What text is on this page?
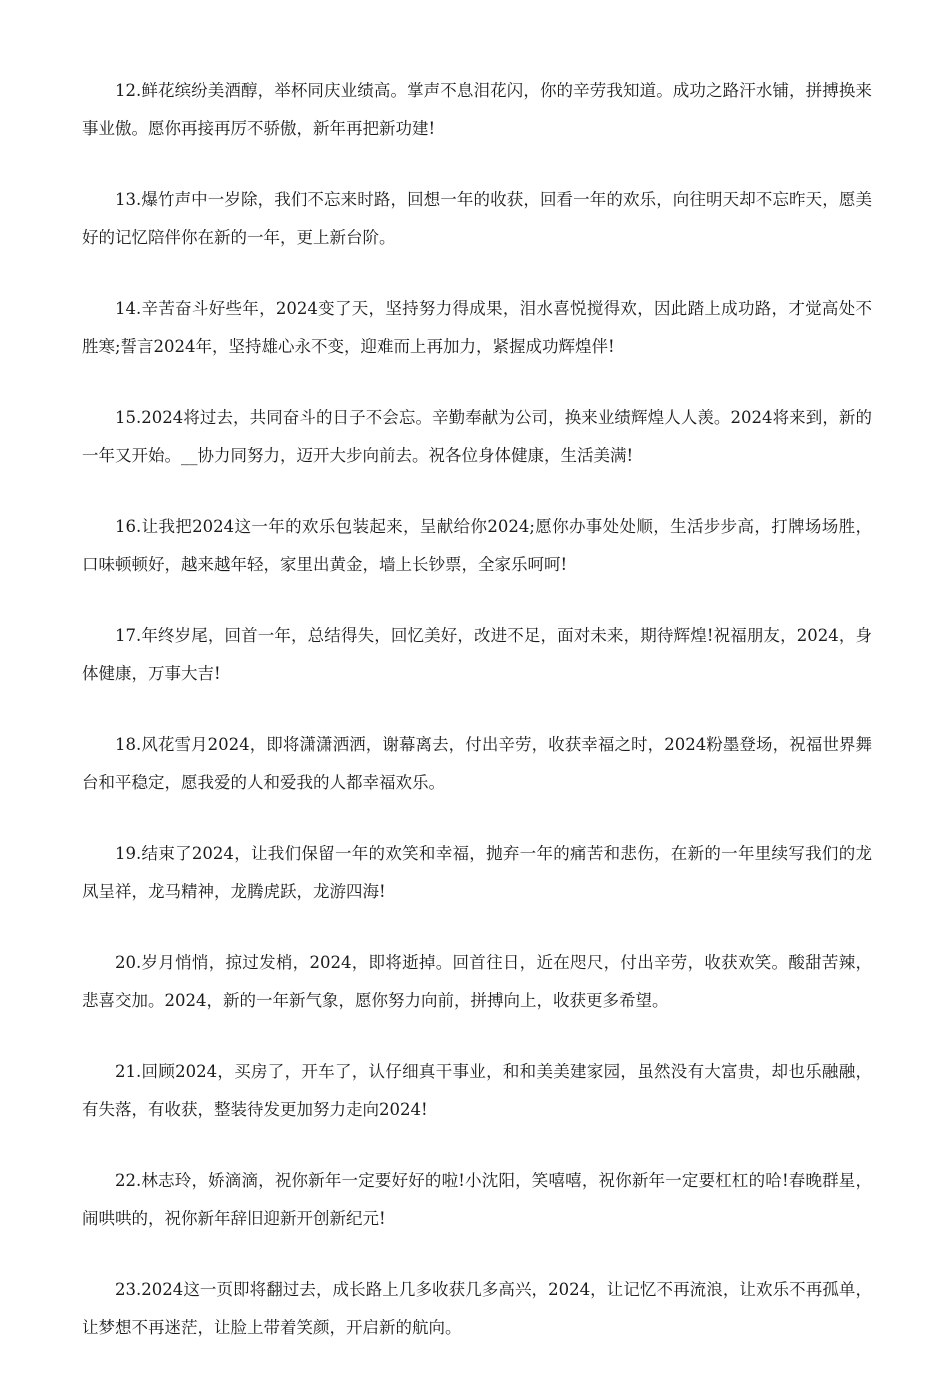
12.鲜花缤纷美酒醇，举杯同庆业绩高。掌声不息泪花闪，你的辛劳我知道。成功之路汗水铺，拼搏换来事业傲。愿你再接再厉不骄傲，新年再把新功建!

13.爆竹声中一岁除，我们不忘来时路，回想一年的收获，回看一年的欢乐，向往明天却不忘昨天，愿美好的记忆陪伴你在新的一年，更上新台阶。

14.辛苦奋斗好些年，2024变了天，坚持努力得成果，泪水喜悦搅得欢，因此踏上成功路，才觉高处不胜寒;誓言2024年，坚持雄心永不变，迎难而上再加力，紧握成功辉煌伴!

15.2024将过去，共同奋斗的日子不会忘。辛勤奉献为公司，换来业绩辉煌人人羡。2024将来到，新的一年又开始。__协力同努力，迈开大步向前去。祝各位身体健康，生活美满!

16.让我把2024这一年的欢乐包装起来，呈献给你2024;愿你办事处处顺，生活步步高，打牌场场胜，口味顿顿好，越来越年轻，家里出黄金，墙上长钞票，全家乐呵呵!

17.年终岁尾，回首一年，总结得失，回忆美好，改进不足，面对未来，期待辉煌!祝福朋友，2024，身体健康，万事大吉!

18.风花雪月2024，即将潇潇洒洒，谢幕离去，付出辛劳，收获幸福之时，2024粉墨登场，祝福世界舞台和平稳定，愿我爱的人和爱我的人都幸福欢乐。

19.结束了2024，让我们保留一年的欢笑和幸福，抛弃一年的痛苦和悲伤，在新的一年里续写我们的龙凤呈祥，龙马精神，龙腾虎跃，龙游四海!

20.岁月悄悄，掠过发梢，2024，即将逝掉。回首往日，近在咫尺，付出辛劳，收获欢笑。酸甜苦辣，悲喜交加。2024，新的一年新气象，愿你努力向前，拼搏向上，收获更多希望。

21.回顾2024，买房了，开车了，认仔细真干事业，和和美美建家园，虽然没有大富贵，却也乐融融，有失落，有收获，整装待发更加努力走向2024!

22.林志玲，娇滴滴，祝你新年一定要好好的啦!小沈阳，笑嘻嘻，祝你新年一定要杠杠的哈!春晚群星，闹哄哄的，祝你新年辞旧迎新开创新纪元!

23.2024这一页即将翻过去，成长路上几多收获几多高兴，2024，让记忆不再流浪，让欢乐不再孤单，让梦想不再迷茫，让脸上带着笑颜，开启新的航向。
